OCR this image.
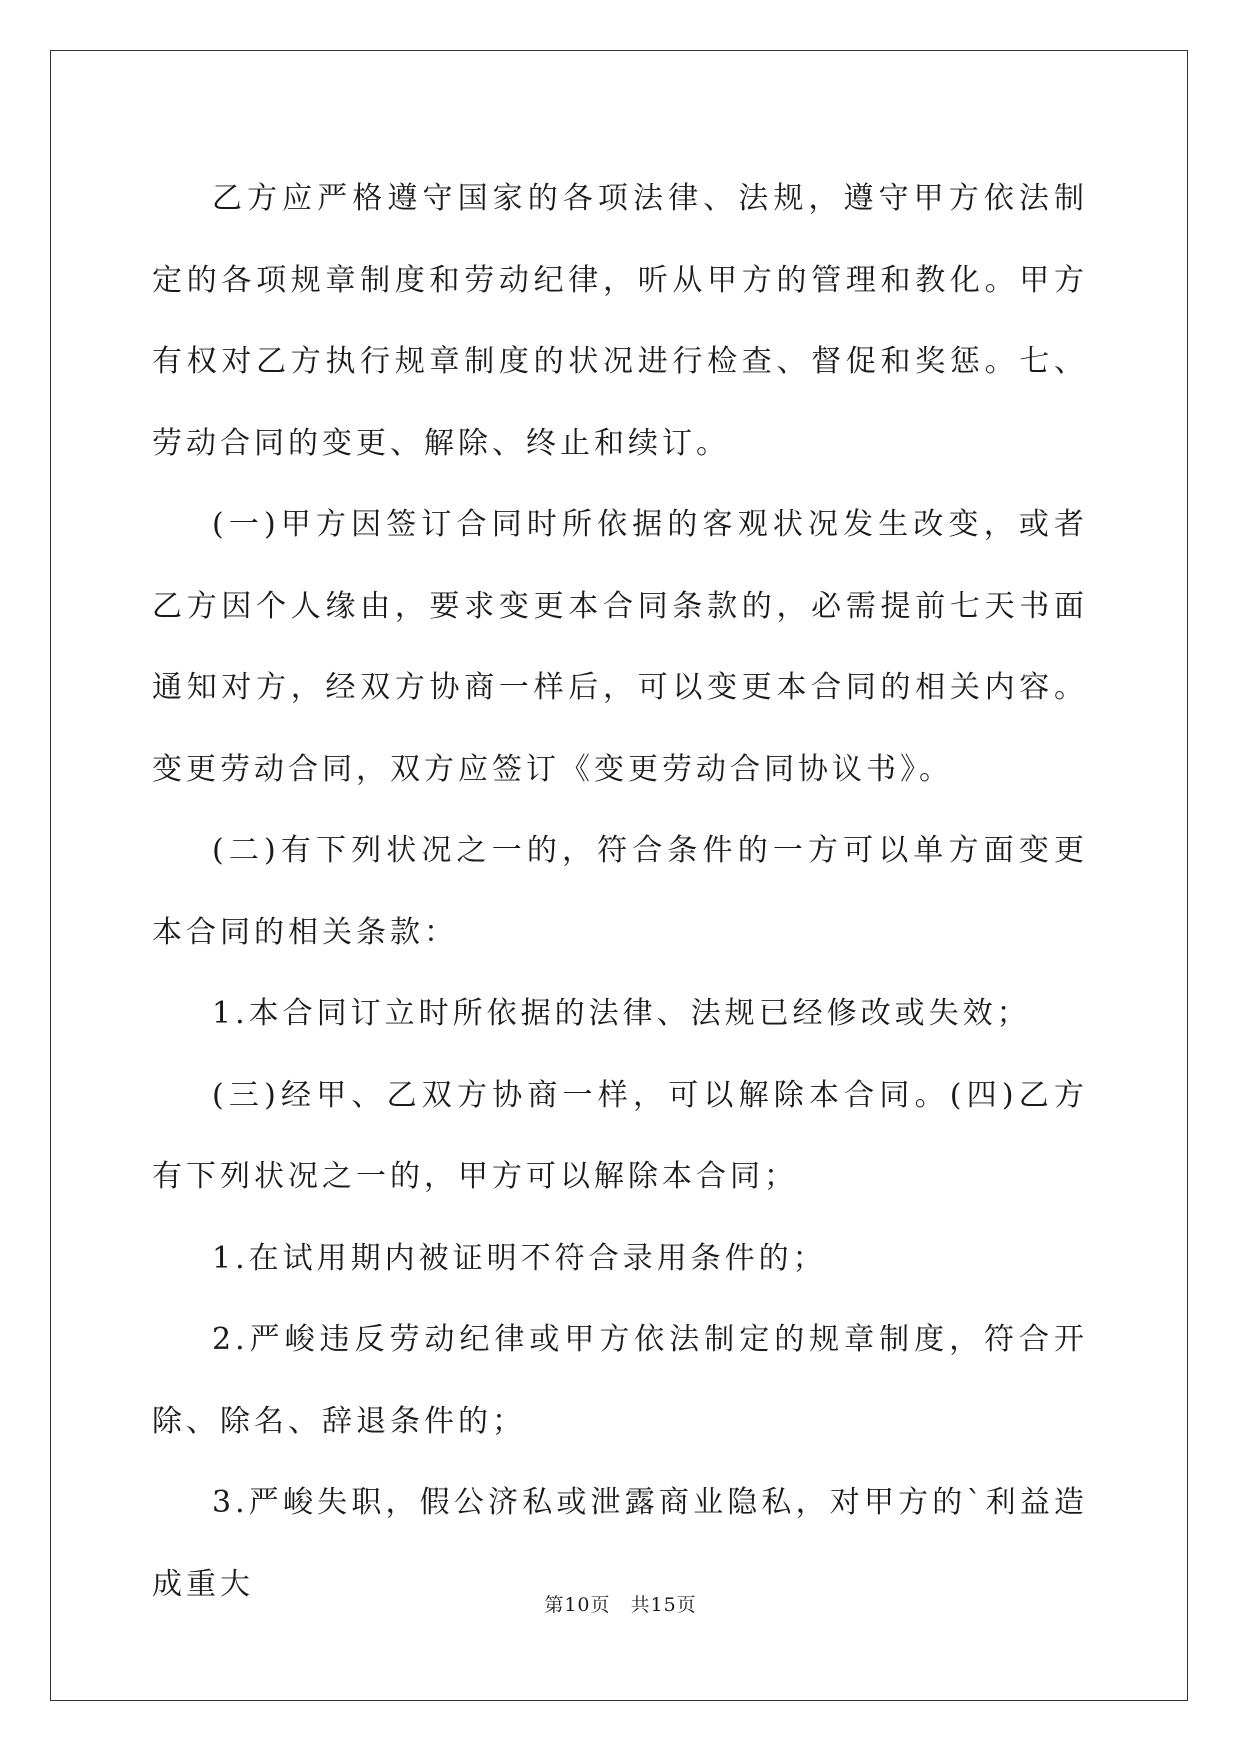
乙方应严格遵守国家的各项法律、法规，遵守甲方依法制定的各项规章制度和劳动纪律，听从甲方的管理和教化。甲方有权对乙方执行规章制度的状况进行检查、督促和奖惩。七、劳动合同的变更、解除、终止和续订。

(一)甲方因签订合同时所依据的客观状况发生改变，或者乙方因个人缘由，要求变更本合同条款的，必需提前七天书面通知对方，经双方协商一样后，可以变更本合同的相关内容。变更劳动合同，双方应签订《变更劳动合同协议书》。

(二)有下列状况之一的，符合条件的一方可以单方面变更本合同的相关条款：

1.本合同订立时所依据的法律、法规已经修改或失效；

(三)经甲、乙双方协商一样，可以解除本合同。(四)乙方有下列状况之一的，甲方可以解除本合同；

1.在试用期内被证明不符合录用条件的；

2.严峻违反劳动纪律或甲方依法制定的规章制度，符合开除、除名、辞退条件的；

3.严峻失职，假公济私或泄露商业隐私，对甲方的`利益造成重大

第10页　共15页
